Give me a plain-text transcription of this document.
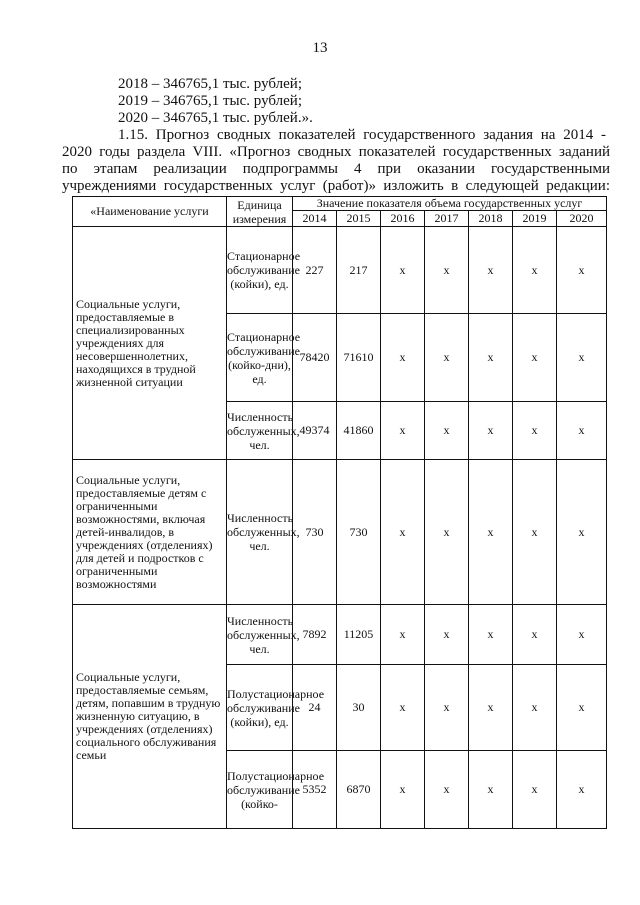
13
2018 – 346765,1 тыс. рублей;
2019 – 346765,1 тыс. рублей;
2020 – 346765,1 тыс. рублей.».
1.15. Прогноз сводных показателей государственного задания на 2014 -
2020 годы раздела VIII. «Прогноз сводных показателей государственных заданий
по этапам реализации подпрограммы 4 при оказании государственными
учреждениями государственных услуг (работ)» изложить в следующей редакции:
«Наименование услуги	Единица измерения	Значение показателя объема государственных услуг						
		2014	2015	2016	2017	2018	2019	2020
Социальные услуги, предоставляемые в специализированных учреждениях для несовершеннолетних, находящихся в трудной жизненной ситуации	Стационарное обслуживание (койки), ед.	227	217	х	х	х	х	х
	Стационарное обслуживание (койко-дни), ед.	78420	71610	х	х	х	х	х
	Численность обслуженных, чел.	49374	41860	х	х	х	х	х
Социальные услуги, предоставляемые детям с ограниченными возможностями, включая детей-инвалидов, в учреждениях (отделениях) для детей и подростков с ограниченными возможностями	Численность обслуженных, чел.	730	730	х	х	х	х	х
Социальные услуги, предоставляемые семьям, детям, попавшим в трудную жизненную ситуацию, в учреждениях (отделениях) социального обслуживания семьи	Численность обслуженных, чел.	7892	11205	х	х	х	х	х
	Полустационарное обслуживание (койки), ед.	24	30	х	х	х	х	х
	Полустационарное обслуживание (койко-	5352	6870	х	х	х	х	х
